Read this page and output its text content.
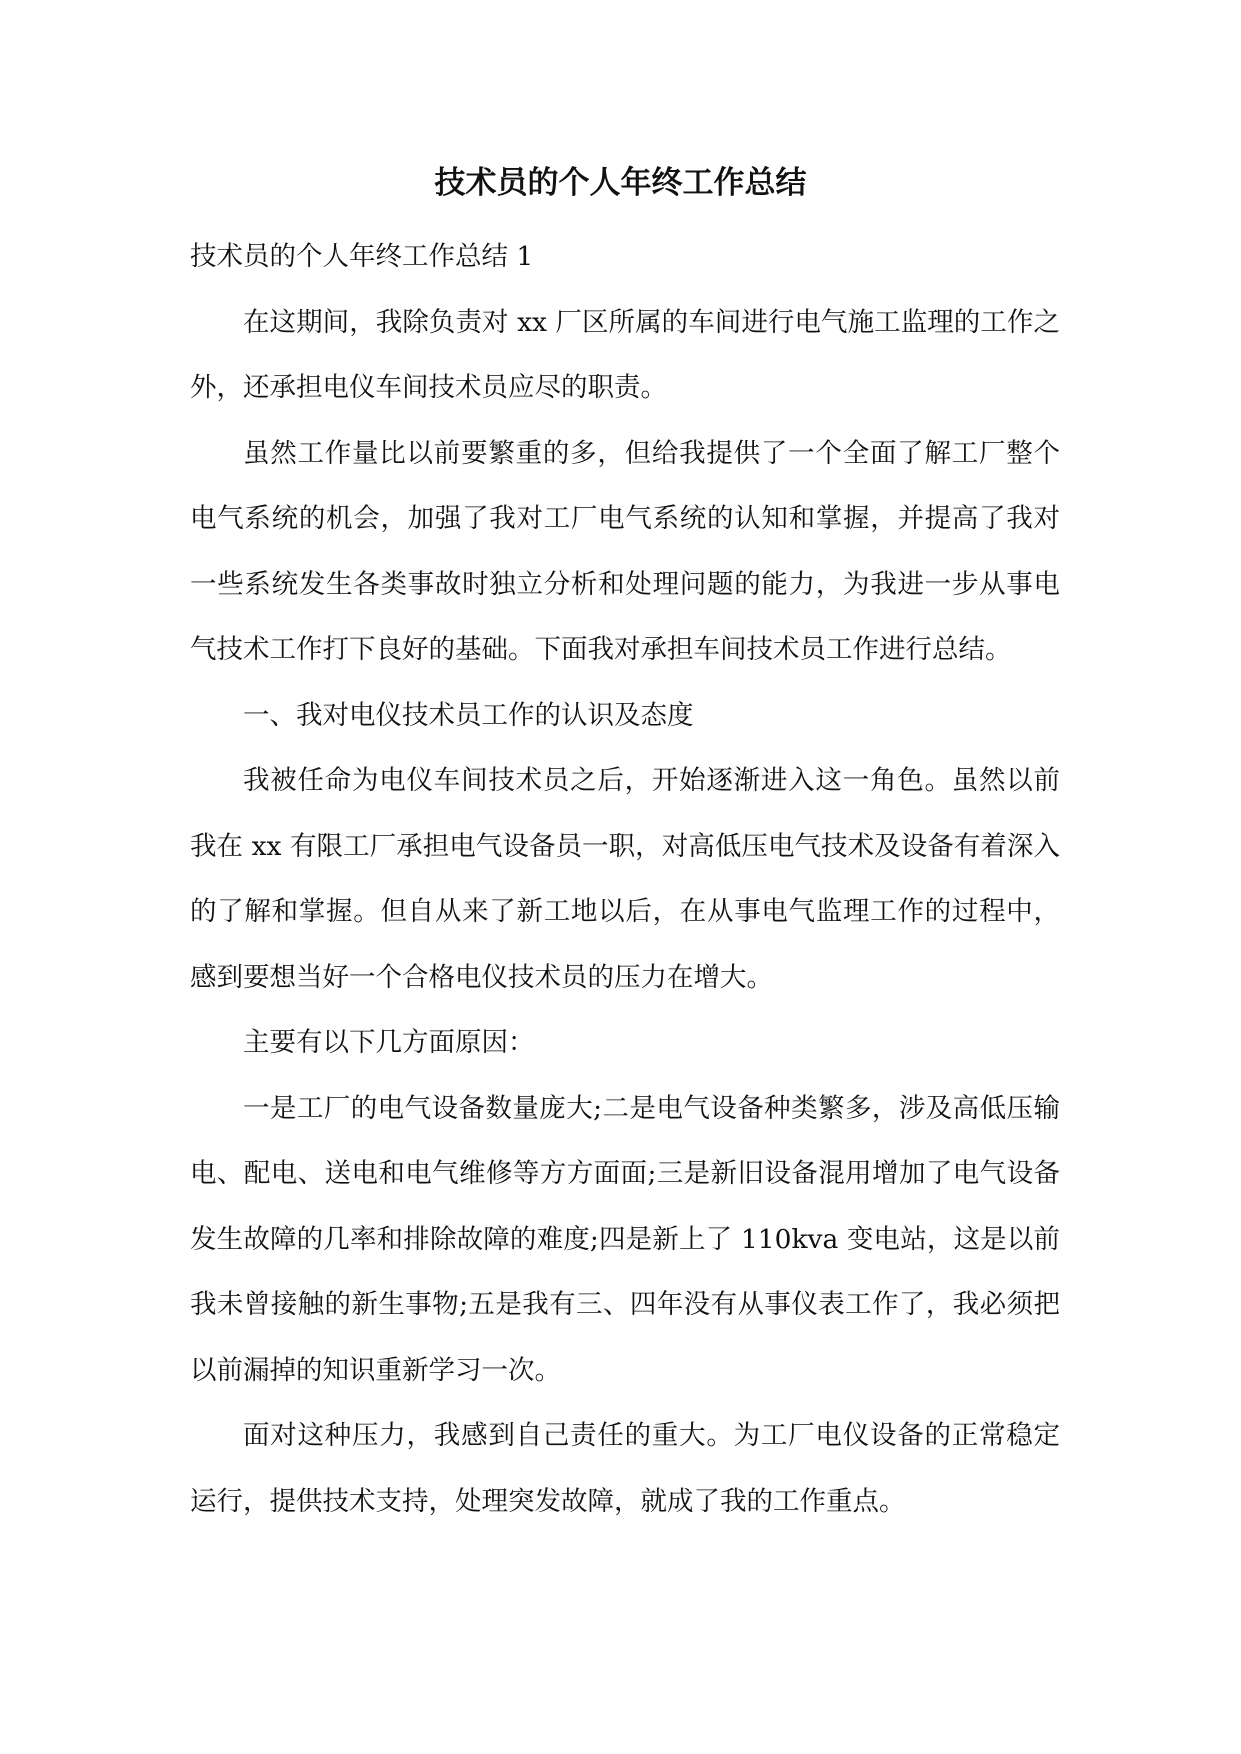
技术员的个人年终工作总结

技术员的个人年终工作总结 1

在这期间，我除负责对 xx 厂区所属的车间进行电气施工监理的工作之外，还承担电仪车间技术员应尽的职责。

虽然工作量比以前要繁重的多，但给我提供了一个全面了解工厂整个电气系统的机会，加强了我对工厂电气系统的认知和掌握，并提高了我对一些系统发生各类事故时独立分析和处理问题的能力，为我进一步从事电气技术工作打下良好的基础。下面我对承担车间技术员工作进行总结。

一、我对电仪技术员工作的认识及态度

我被任命为电仪车间技术员之后，开始逐渐进入这一角色。虽然以前我在 xx 有限工厂承担电气设备员一职，对高低压电气技术及设备有着深入的了解和掌握。但自从来了新工地以后，在从事电气监理工作的过程中，感到要想当好一个合格电仪技术员的压力在增大。

主要有以下几方面原因：

一是工厂的电气设备数量庞大;二是电气设备种类繁多，涉及高低压输电、配电、送电和电气维修等方方面面;三是新旧设备混用增加了电气设备发生故障的几率和排除故障的难度;四是新上了 110kva 变电站，这是以前我未曾接触的新生事物;五是我有三、四年没有从事仪表工作了，我必须把以前漏掉的知识重新学习一次。

面对这种压力，我感到自己责任的重大。为工厂电仪设备的正常稳定运行，提供技术支持，处理突发故障，就成了我的工作重点。
